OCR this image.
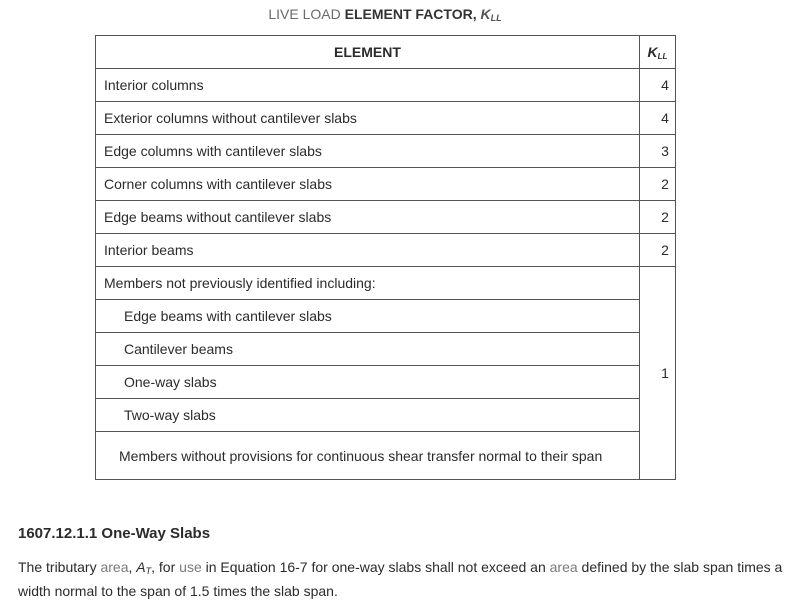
LIVE LOAD ELEMENT FACTOR, $K_{LL}$
ELEMENT	$K_{LL}$
Interior columns	4
Exterior columns without cantilever slabs	4
Edge columns with cantilever slabs	3
Corner columns with cantilever slabs	2
Edge beams without cantilever slabs	2
Interior beams	2
Members not previously identified including:	1
Edge beams with cantilever slabs	
Cantilever beams	
One-way slabs	
Two-way slabs	
Members without provisions for continuous shear transfer normal to their span	
1607.12.1.1 One-Way Slabs

The tributary area, $A_T$, for use in Equation 16-7 for one-way slabs shall not exceed an area defined by the slab span times a width normal to the span of 1.5 times the slab span.
